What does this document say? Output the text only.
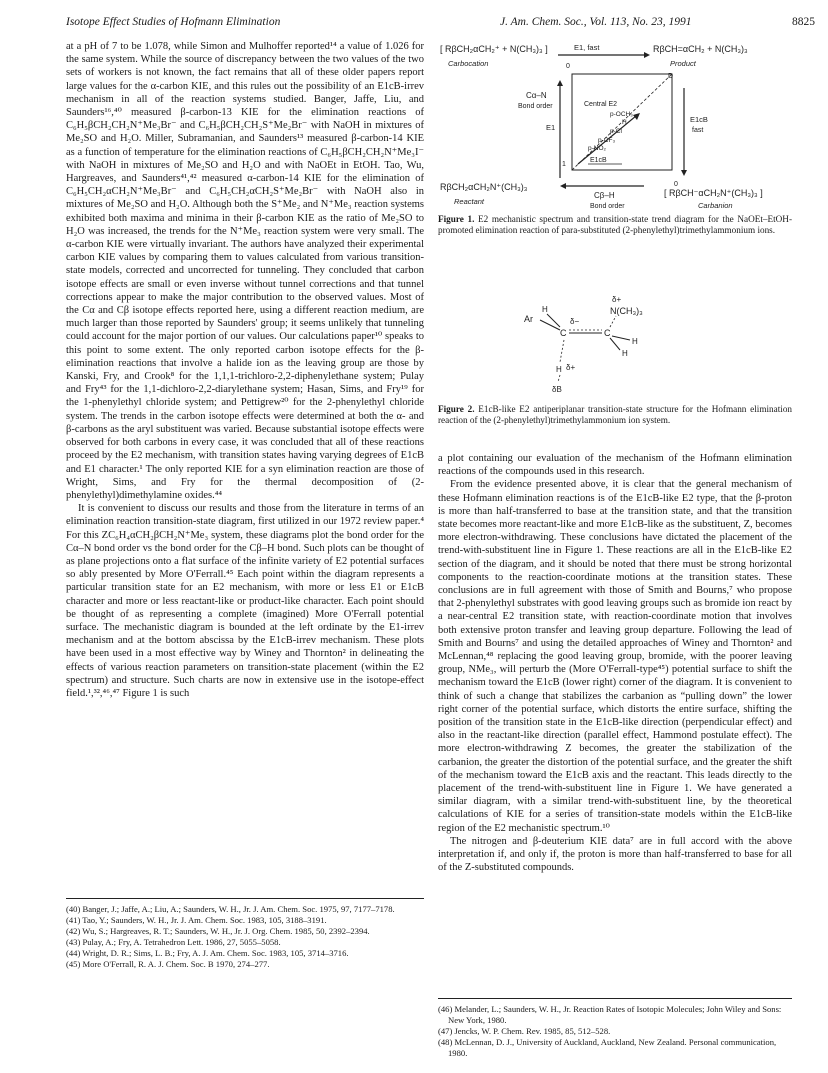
Isotope Effect Studies of Hofmann Elimination	J. Am. Chem. Soc., Vol. 113, No. 23, 1991	8825

at a pH of 7 to be 1.078, while Simon and Mulhoffer reported¹⁴ a value of 1.026 for the same system. While the source of discrepancy between the two values of the two sets of workers is not known, the fact remains that all of these older papers report large values for the α-carbon KIE, and this rules out the possibility of an E1cB-irrev mechanism in all of the reaction systems studied. Banger, Jaffe, Liu, and Saunders¹⁶,⁴⁰ measured β-carbon-13 KIE for the elimination reactions of C₆H₅βCH₂CH₂N⁺Me₃Br⁻ and C₆H₅βCH₂CH₂S⁺Me₂Br⁻ with NaOH in mixtures of Me₂SO and H₂O. Miller, Subramanian, and Saunders¹³ measured β-carbon-14 KIE as a function of temperature for the elimination reactions of C₆H₅βCH₂CH₂N⁺Me₃I⁻ with NaOH in mixtures of Me₂SO and H₂O and with NaOEt in EtOH. Tao, Wu, Hargreaves, and Saunders⁴¹,⁴² measured α-carbon-14 KIE for the elimination of C₆H₅CH₂αCH₂N⁺Me₃Br⁻ and C₆H₅CH₂αCH₂S⁺Me₂Br⁻ with NaOH also in mixtures of Me₂SO and H₂O. Although both the S⁺Me₂ and N⁺Me₃ reaction systems exhibited both maxima and minima in their β-carbon KIE as the ratio of Me₂SO to H₂O was increased, the trends for the N⁺Me₃ reaction system were very small. The α-carbon KIE were virtually invariant. The authors have analyzed their experimental carbon KIE values by comparing them to values calculated from various transition-state models, corrected and uncorrected for tunneling. They concluded that carbon isotope effects are small or even inverse without tunnel corrections and that tunnel corrections appear to make the major contribution to the observed values. Most of the Cα and Cβ isotope effects reported here, using a different reaction medium, are much larger than those reported by Saunders' group; it seems unlikely that tunneling could account for the major portion of our values. Our calculations paper¹⁰ speaks to this point to some extent. The only reported carbon isotope effects for the β-elimination reactions that involve a halide ion as the leaving group are those by Kanski, Fry, and Crook⁸ for the 1,1,1-trichloro-2,2-diphenylethane system; Pulay and Fry⁴³ for the 1,1-dichloro-2,2-diarylethane system; Hasan, Sims, and Fry¹⁹ for the 1-phenylethyl chloride system; and Pettigrew²⁰ for the 2-phenylethyl chloride system. The trends in the carbon isotope effects were determined at both the α- and β-carbons as the aryl substituent was varied. Because substantial isotope effects were observed for both carbons in every case, it was concluded that all of these reactions proceed by the E2 mechanism, with transition states having varying degrees of E1cB and E1 character.¹ The only reported KIE for a syn elimination reaction are those of Wright, Sims, and Fry for the thermal decomposition of (2-phenylethyl)dimethylamine oxides.⁴⁴

It is convenient to discuss our results and those from the literature in terms of an elimination reaction transition-state diagram, first utilized in our 1972 review paper.⁴ For this ZC₆H₄αCH₂βCH₂N⁺Me₃ system, these diagrams plot the bond order for the Cα–N bond order vs the bond order for the Cβ–H bond. Such plots can be thought of as plane projections onto a flat surface of the infinite variety of E2 potential surfaces so ably presented by More O'Ferrall.⁴⁵ Each point within the diagram represents a particular transition state for an E2 mechanism, with more or less E1 or E1cB character and more or less reactant-like or product-like character. Each point should be thought of as representing a complete (imagined) More O'Ferrall potential surface. The mechanistic diagram is bounded at the left ordinate by the E1-irrev mechanism and at the bottom abscissa by the E1cB-irrev mechanism. These plots have been used in a most effective way by Winey and Thornton² in delineating the effects of various reaction parameters on transition-state placement (within the E2 spectrum) and structure. Such charts are now in extensive use in the isotope-effect field.¹,³²,⁴⁶,⁴⁷ Figure 1 is such

(40) Banger, J.; Jaffe, A.; Liu, A.; Saunders, W. H., Jr. J. Am. Chem. Soc. 1975, 97, 7177–7178.
(41) Tao, Y.; Saunders, W. H., Jr. J. Am. Chem. Soc. 1983, 105, 3188–3191.
(42) Wu, S.; Hargreaves, R. T.; Saunders, W. H., Jr. J. Org. Chem. 1985, 50, 2392–2394.
(43) Pulay, A.; Fry, A. Tetrahedron Lett. 1986, 27, 5055–5058.
(44) Wright, D. R.; Sims, L. B.; Fry, A. J. Am. Chem. Soc. 1983, 105, 3714–3716.
(45) More O'Ferrall, R. A. J. Chem. Soc. B 1970, 274–277.
[ RβCH₂αCH₂⁺ + N(CH₃)₃ ]
Carbocation
E1, fast	RβCH=αCH₂ + N(CH₃)₃
Product
0
D
Cα–N
Bond order
E1
E1cB
fast
Central E2
p-OCH₃
H
p-Cl
p-CF₃
p-NO₂
E1cB
1
0
RβCH₂αCH₂N⁺(CH₃)₃
Reactant
Cβ–H
Bond order
[ RβCH⁻αCH₂N⁺(CH₃)₃ ]
Carbanion
Figure 1. E2 mechanistic spectrum and transition-state trend diagram for the NaOEt–EtOH-promoted elimination reaction of para-substituted (2-phenylethyl)trimethylammonium ions.
δ+
N(CH₃)₃
H
Ar	δ−
C	C
H
H
H δ+
δB
Figure 2. E1cB-like E2 antiperiplanar transition-state structure for the Hofmann elimination reaction of the (2-phenylethyl)trimethylammonium ion system.

a plot containing our evaluation of the mechanism of the Hofmann elimination reactions of the compounds used in this research.

From the evidence presented above, it is clear that the general mechanism of these Hofmann elimination reactions is of the E1cB-like E2 type, that the β-proton is more than half-transferred to base at the transition state, and that the transition state becomes more reactant-like and more E1cB-like as the substituent, Z, becomes more electron-withdrawing. These conclusions have dictated the placement of the trend-with-substituent line in Figure 1. These reactions are all in the E1cB-like E2 section of the diagram, and it should be noted that there must be strong horizontal components to the reaction-coordinate motions at the transition states. These conclusions are in full agreement with those of Smith and Bourns,⁷ who propose that 2-phenylethyl substrates with good leaving groups such as bromide ion react by a near-central E2 transition state, with reaction-coordinate motion that involves both extensive proton transfer and leaving group departure. Following the lead of Smith and Bourns⁷ and using the detailed approaches of Winey and Thornton² and McLennan,⁴⁸ replacing the good leaving group, bromide, with the poorer leaving group, NMe₃, will perturb the (More O'Ferrall-type⁴⁵) potential surface to shift the mechanism toward the E1cB (lower right) corner of the diagram. It is convenient to think of such a change that stabilizes the carbanion as “pulling down” the lower right corner of the potential surface, which distorts the entire surface, shifting the position of the transition state in the E1cB-like direction (perpendicular effect) and also in the reactant-like direction (parallel effect, Hammond postulate effect). The more electron-withdrawing Z becomes, the greater the stabilization of the carbanion, the greater the distortion of the potential surface, and the greater the shift of the mechanism toward the E1cB axis and the reactant. This leads directly to the placement of the trend-with-substituent line in Figure 1. We have generated a similar diagram, with a similar trend-with-substituent line, by the theoretical calculations of KIE for a series of transition-state models within the E1cB-like region of the E2 mechanistic spectrum.¹⁰

The nitrogen and β-deuterium KIE data⁷ are in full accord with the above interpretation if, and only if, the proton is more than half-transferred to base for all of the Z-substituted compounds.

(46) Melander, L.; Saunders, W. H., Jr. Reaction Rates of Isotopic Molecules; John Wiley and Sons: New York, 1980.
(47) Jencks, W. P. Chem. Rev. 1985, 85, 512–528.
(48) McLennan, D. J., University of Auckland, Auckland, New Zealand. Personal communication, 1980.
